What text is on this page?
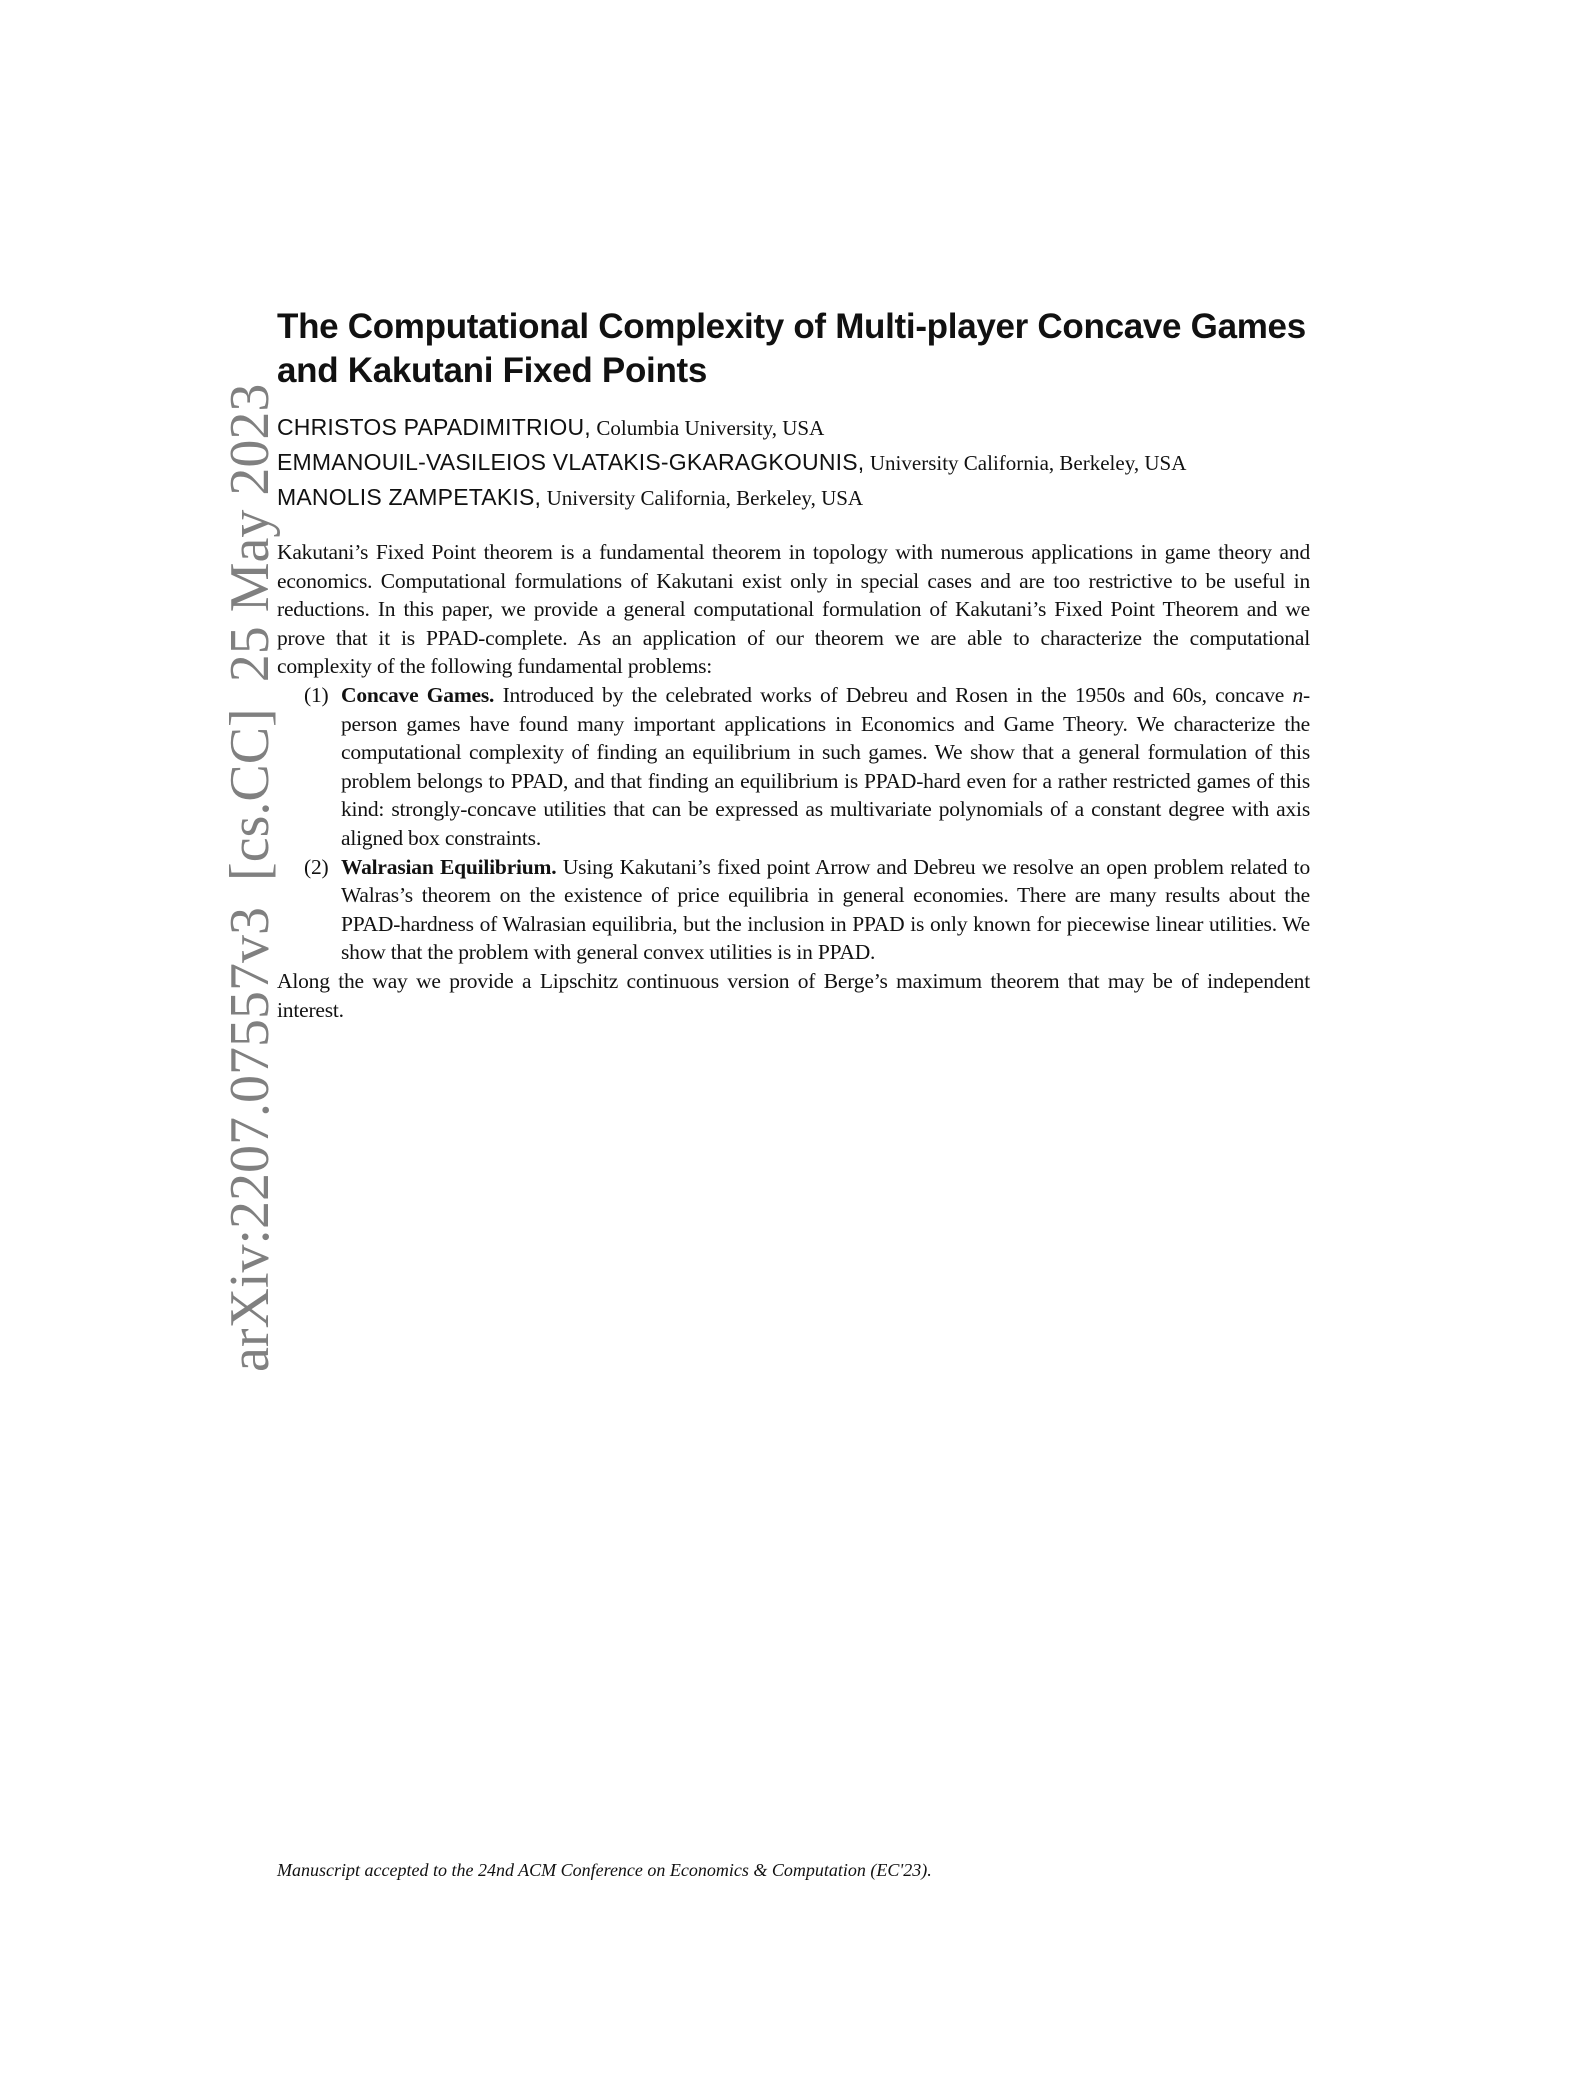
arXiv:2207.07557v3[cs.CC]25 May 2023
The Computational Complexity of Multi-player Concave Games and Kakutani Fixed Points
CHRISTOS PAPADIMITRIOU, Columbia University, USA
EMMANOUIL-VASILEIOS VLATAKIS-GKARAGKOUNIS, University California, Berkeley, USA
MANOLIS ZAMPETAKIS, University California, Berkeley, USA

Kakutani’s Fixed Point theorem is a fundamental theorem in topology with numerous applications in game theory and economics. Computational formulations of Kakutani exist only in special cases and are too restrictive to be useful in reductions. In this paper, we provide a general computational formulation of Kakutani’s Fixed Point Theorem and we prove that it is PPAD-complete. As an application of our theorem we are able to characterize the computational complexity of the following fundamental problems:

(1) Concave Games. Introduced by the celebrated works of Debreu and Rosen in the 1950s and 60s, concave n-person games have found many important applications in Economics and Game Theory. We characterize the computational complexity of finding an equilibrium in such games. We show that a general formulation of this problem belongs to PPAD, and that finding an equilibrium is PPAD-hard even for a rather restricted games of this kind: strongly-concave utilities that can be expressed as multivariate polynomials of a constant degree with axis aligned box constraints.
(2) Walrasian Equilibrium. Using Kakutani’s fixed point Arrow and Debreu we resolve an open problem related to Walras’s theorem on the existence of price equilibria in general economies. There are many results about the PPAD-hardness of Walrasian equilibria, but the inclusion in PPAD is only known for piecewise linear utilities. We show that the problem with general convex utilities is in PPAD.

Along the way we provide a Lipschitz continuous version of Berge’s maximum theorem that may be of independent interest.

Manuscript accepted to the 24nd ACM Conference on Economics & Computation (EC'23).
